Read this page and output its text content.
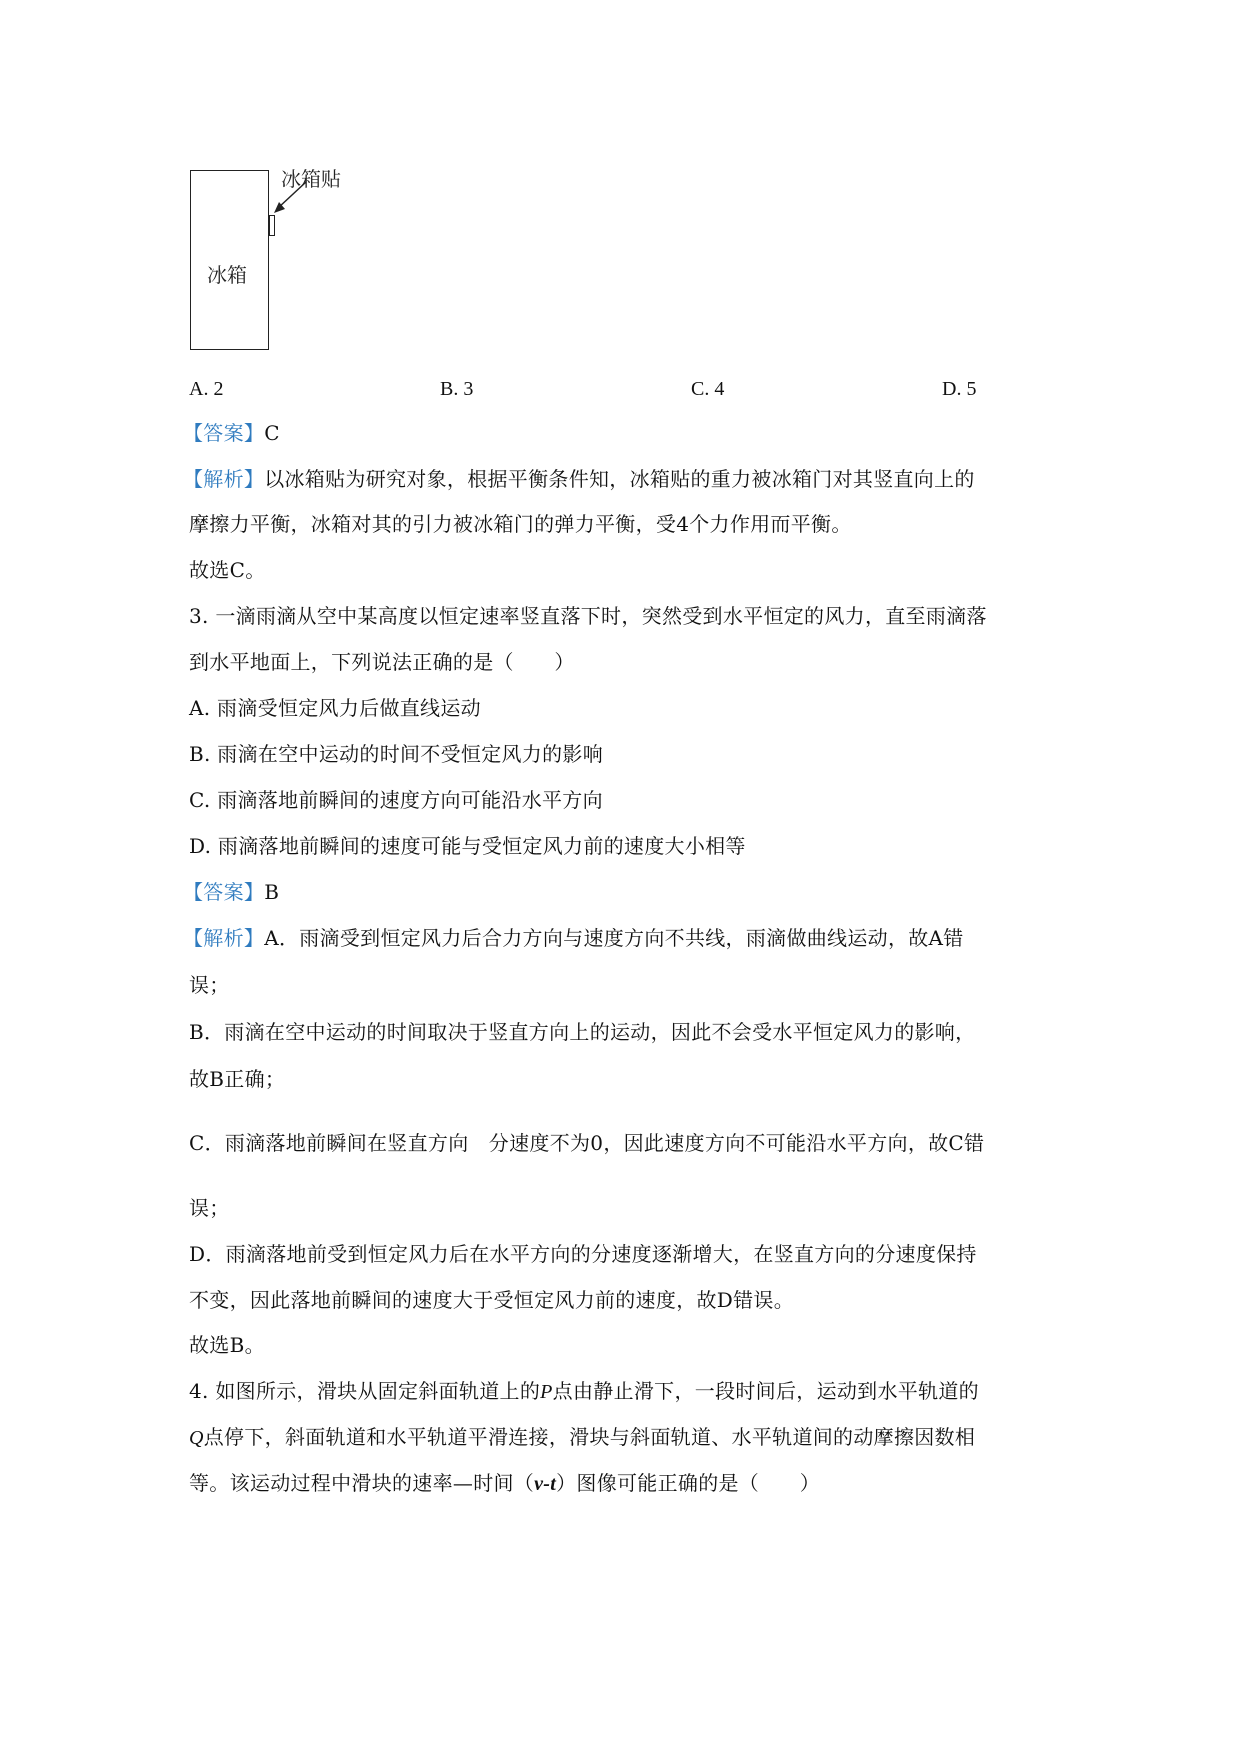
冰箱
冰箱贴
A. 2	B. 3	C. 4	D. 5
【答案】C
【解析】以冰箱贴为研究对象，根据平衡条件知，冰箱贴的重力被冰箱门对其竖直向上的
摩擦力平衡，冰箱对其的引力被冰箱门的弹力平衡，受4个力作用而平衡。
故选C。
3. 一滴雨滴从空中某高度以恒定速率竖直落下时，突然受到水平恒定的风力，直至雨滴落
到水平地面上，下列说法正确的是（　　）
A. 雨滴受恒定风力后做直线运动
B. 雨滴在空中运动的时间不受恒定风力的影响
C. 雨滴落地前瞬间的速度方向可能沿水平方向
D. 雨滴落地前瞬间的速度可能与受恒定风力前的速度大小相等
【答案】B
【解析】A．雨滴受到恒定风力后合力方向与速度方向不共线，雨滴做曲线运动，故A错
误；
B．雨滴在空中运动的时间取决于竖直方向上的运动，因此不会受水平恒定风力的影响，
故B正确；
C．雨滴落地前瞬间在竖直方向　分速度不为0，因此速度方向不可能沿水平方向，故C错
误；
D．雨滴落地前受到恒定风力后在水平方向的分速度逐渐增大，在竖直方向的分速度保持
不变，因此落地前瞬间的速度大于受恒定风力前的速度，故D错误。
故选B。
4. 如图所示，滑块从固定斜面轨道上的P点由静止滑下，一段时间后，运动到水平轨道的
Q点停下，斜面轨道和水平轨道平滑连接，滑块与斜面轨道、水平轨道间的动摩擦因数相
等。该运动过程中滑块的速率—时间（v-t）图像可能正确的是（　　）
